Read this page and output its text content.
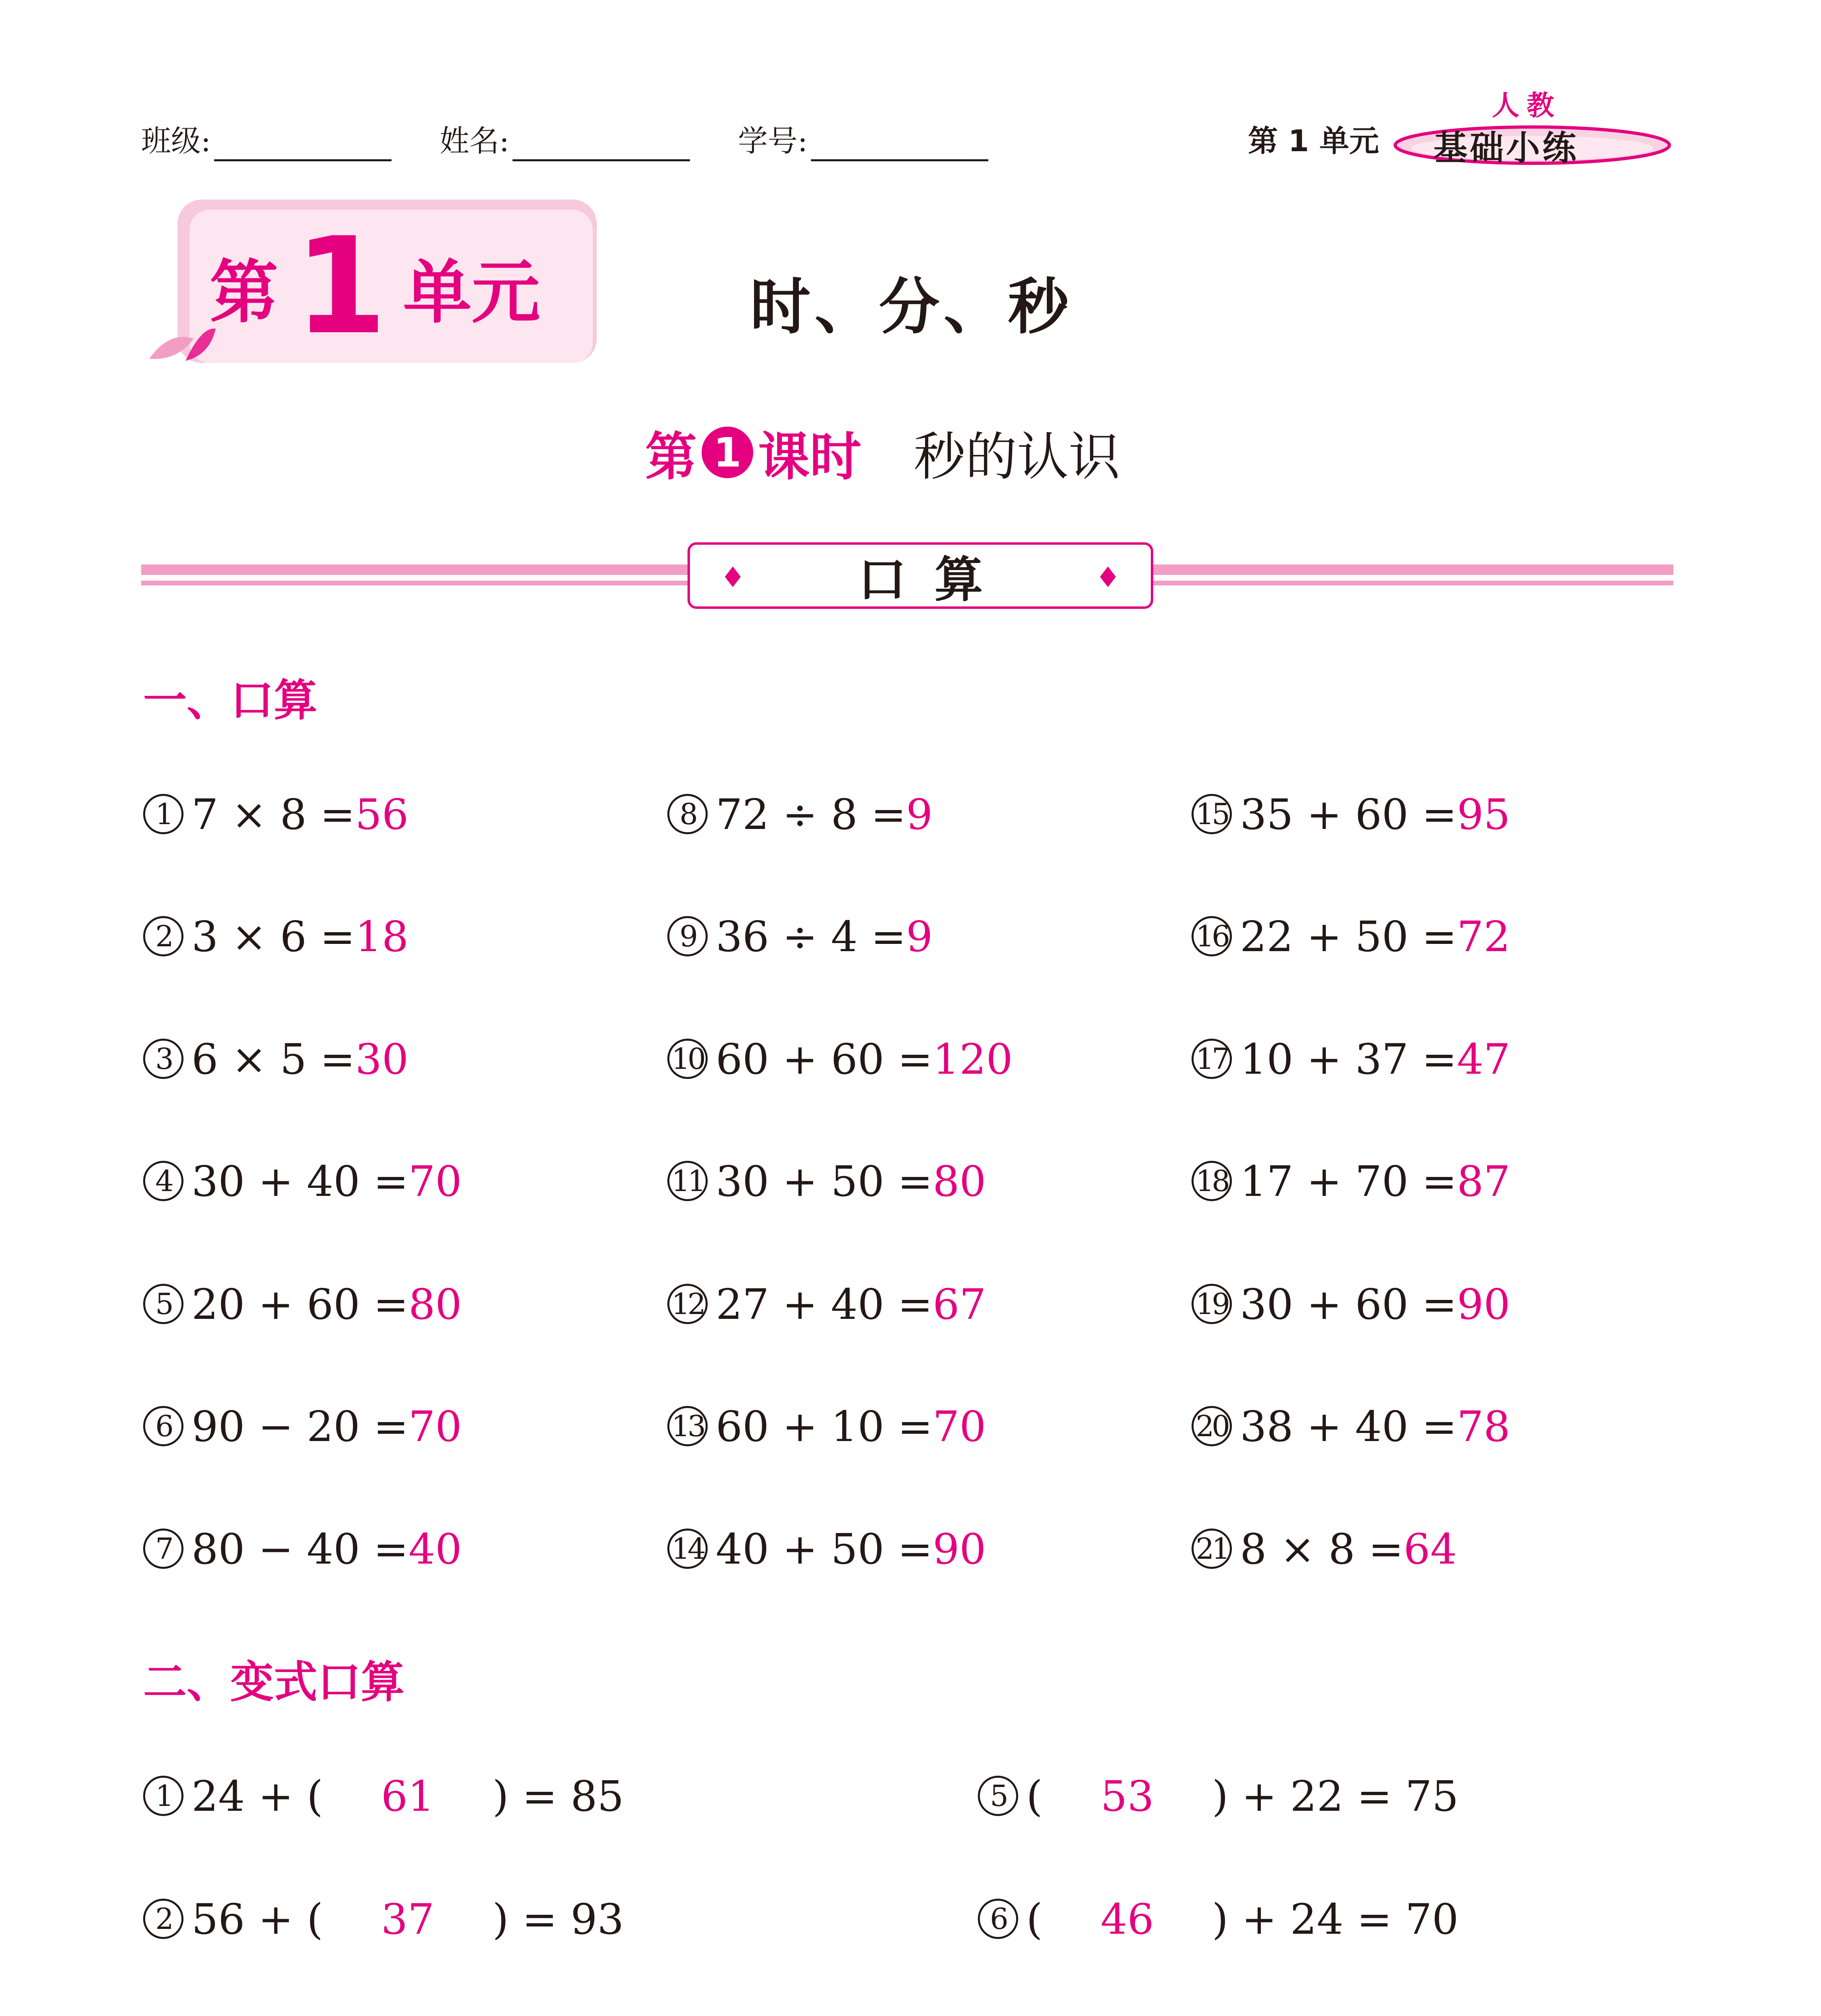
班级:	姓名:	学号:	第 1 单元
人教
基础小练
第 1 单元	时、分、秒
第 1 课时 秒的认识
♦ 口算	♦
一、口算
1 7 × 8 =56
2 3 × 6 =18
3 6 × 5 =30
4 30 + 40 =70
5 20 + 60 =80
6 90 − 20 =70
7 80 − 40 =40
8 72 ÷ 8 =9
9 36 ÷ 4 =9
10 60 + 60 =120
11 30 + 50 =80
12 27 + 40 =67
13 60 + 10 =70
14 40 + 50 =90
15 35 + 60 =95
16 22 + 50 =72
17 10 + 37 =47
18 17 + 70 =87
19 30 + 60 =90
20 38 + 40 =78
21 8 × 8 =64
二、变式口算
1 24 + ( 61 ) = 85
2 56 + ( 37 ) = 93

5 ( 53 ) + 22 = 75
6 ( 46 ) + 24 = 70
